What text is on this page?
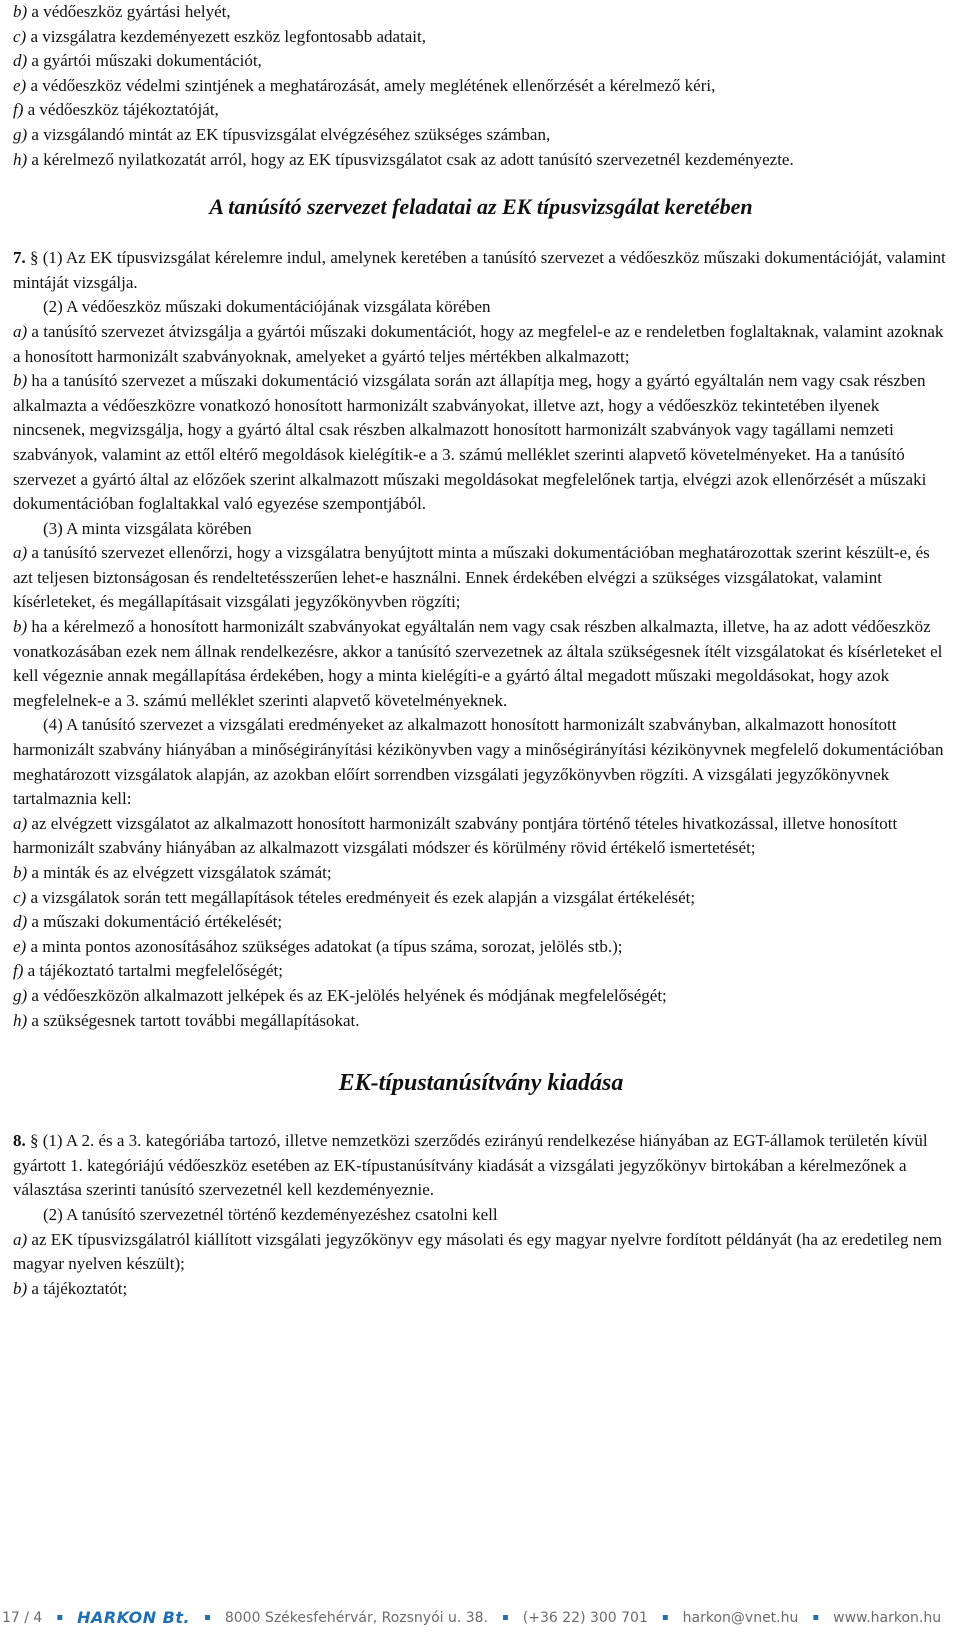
b) a védőeszköz gyártási helyét,

c) a vizsgálatra kezdeményezett eszköz legfontosabb adatait,

d) a gyártói műszaki dokumentációt,

e) a védőeszköz védelmi szintjének a meghatározását, amely meglétének ellenőrzését a kérelmező kéri,

f) a védőeszköz tájékoztatóját,

g) a vizsgálandó mintát az EK típusvizsgálat elvégzéséhez szükséges számban,

h) a kérelmező nyilatkozatát arról, hogy az EK típusvizsgálatot csak az adott tanúsító szervezetnél kezdeményezte.

A tanúsító szervezet feladatai az EK típusvizsgálat keretében

7. § (1) Az EK típusvizsgálat kérelemre indul, amelynek keretében a tanúsító szervezet a védőeszköz műszaki dokumentációját, valamint mintáját vizsgálja.

(2) A védőeszköz műszaki dokumentációjának vizsgálata körében

a) a tanúsító szervezet átvizsgálja a gyártói műszaki dokumentációt, hogy az megfelel-e az e rendeletben foglaltaknak, valamint azoknak a honosított harmonizált szabványoknak, amelyeket a gyártó teljes mértékben alkalmazott;

b) ha a tanúsító szervezet a műszaki dokumentáció vizsgálata során azt állapítja meg, hogy a gyártó egyáltalán nem vagy csak részben alkalmazta a védőeszközre vonatkozó honosított harmonizált szabványokat, illetve azt, hogy a védőeszköz tekintetében ilyenek nincsenek, megvizsgálja, hogy a gyártó által csak részben alkalmazott honosított harmonizált szabványok vagy tagállami nemzeti szabványok, valamint az ettől eltérő megoldások kielégítik-e a 3. számú melléklet szerinti alapvető követelményeket. Ha a tanúsító szervezet a gyártó által az előzőek szerint alkalmazott műszaki megoldásokat megfelelőnek tartja, elvégzi azok ellenőrzését a műszaki dokumentációban foglaltakkal való egyezése szempontjából.

(3) A minta vizsgálata körében

a) a tanúsító szervezet ellenőrzi, hogy a vizsgálatra benyújtott minta a műszaki dokumentációban meghatározottak szerint készült-e, és azt teljesen biztonságosan és rendeltetésszerűen lehet-e használni. Ennek érdekében elvégzi a szükséges vizsgálatokat, valamint kísérleteket, és megállapításait vizsgálati jegyzőkönyvben rögzíti;

b) ha a kérelmező a honosított harmonizált szabványokat egyáltalán nem vagy csak részben alkalmazta, illetve, ha az adott védőeszköz vonatkozásában ezek nem állnak rendelkezésre, akkor a tanúsító szervezetnek az általa szükségesnek ítélt vizsgálatokat és kísérleteket el kell végeznie annak megállapítása érdekében, hogy a minta kielégíti-e a gyártó által megadott műszaki megoldásokat, hogy azok megfelelnek-e a 3. számú melléklet szerinti alapvető követelményeknek.

(4) A tanúsító szervezet a vizsgálati eredményeket az alkalmazott honosított harmonizált szabványban, alkalmazott honosított harmonizált szabvány hiányában a minőségirányítási kézikönyvben vagy a minőségirányítási kézikönyvnek megfelelő dokumentációban meghatározott vizsgálatok alapján, az azokban előírt sorrendben vizsgálati jegyzőkönyvben rögzíti. A vizsgálati jegyzőkönyvnek tartalmaznia kell:

a) az elvégzett vizsgálatot az alkalmazott honosított harmonizált szabvány pontjára történő tételes hivatkozással, illetve honosított harmonizált szabvány hiányában az alkalmazott vizsgálati módszer és körülmény rövid értékelő ismertetését;

b) a minták és az elvégzett vizsgálatok számát;

c) a vizsgálatok során tett megállapítások tételes eredményeit és ezek alapján a vizsgálat értékelését;

d) a műszaki dokumentáció értékelését;

e) a minta pontos azonosításához szükséges adatokat (a típus száma, sorozat, jelölés stb.);

f) a tájékoztató tartalmi megfelelőségét;

g) a védőeszközön alkalmazott jelképek és az EK-jelölés helyének és módjának megfelelőségét;

h) a szükségesnek tartott további megállapításokat.

EK-típustanúsítvány kiadása

8. § (1) A 2. és a 3. kategóriába tartozó, illetve nemzetközi szerződés ezirányú rendelkezése hiányában az EGT-államok területén kívül gyártott 1. kategóriájú védőeszköz esetében az EK-típustanúsítvány kiadását a vizsgálati jegyzőkönyv birtokában a kérelmezőnek a választása szerinti tanúsító szervezetnél kell kezdeményeznie.

(2) A tanúsító szervezetnél történő kezdeményezéshez csatolni kell

a) az EK típusvizsgálatról kiállított vizsgálati jegyzőkönyv egy másolati és egy magyar nyelvre fordított példányát (ha az eredetileg nem magyar nyelven készült);

b) a tájékoztatót;

17 / 4 ▪ HARKON Bt. ▪ 8000 Székesfehérvár, Rozsnyói u. 38. ▪ (+36 22) 300 701 ▪ harkon@vnet.hu ▪ www.harkon.hu
